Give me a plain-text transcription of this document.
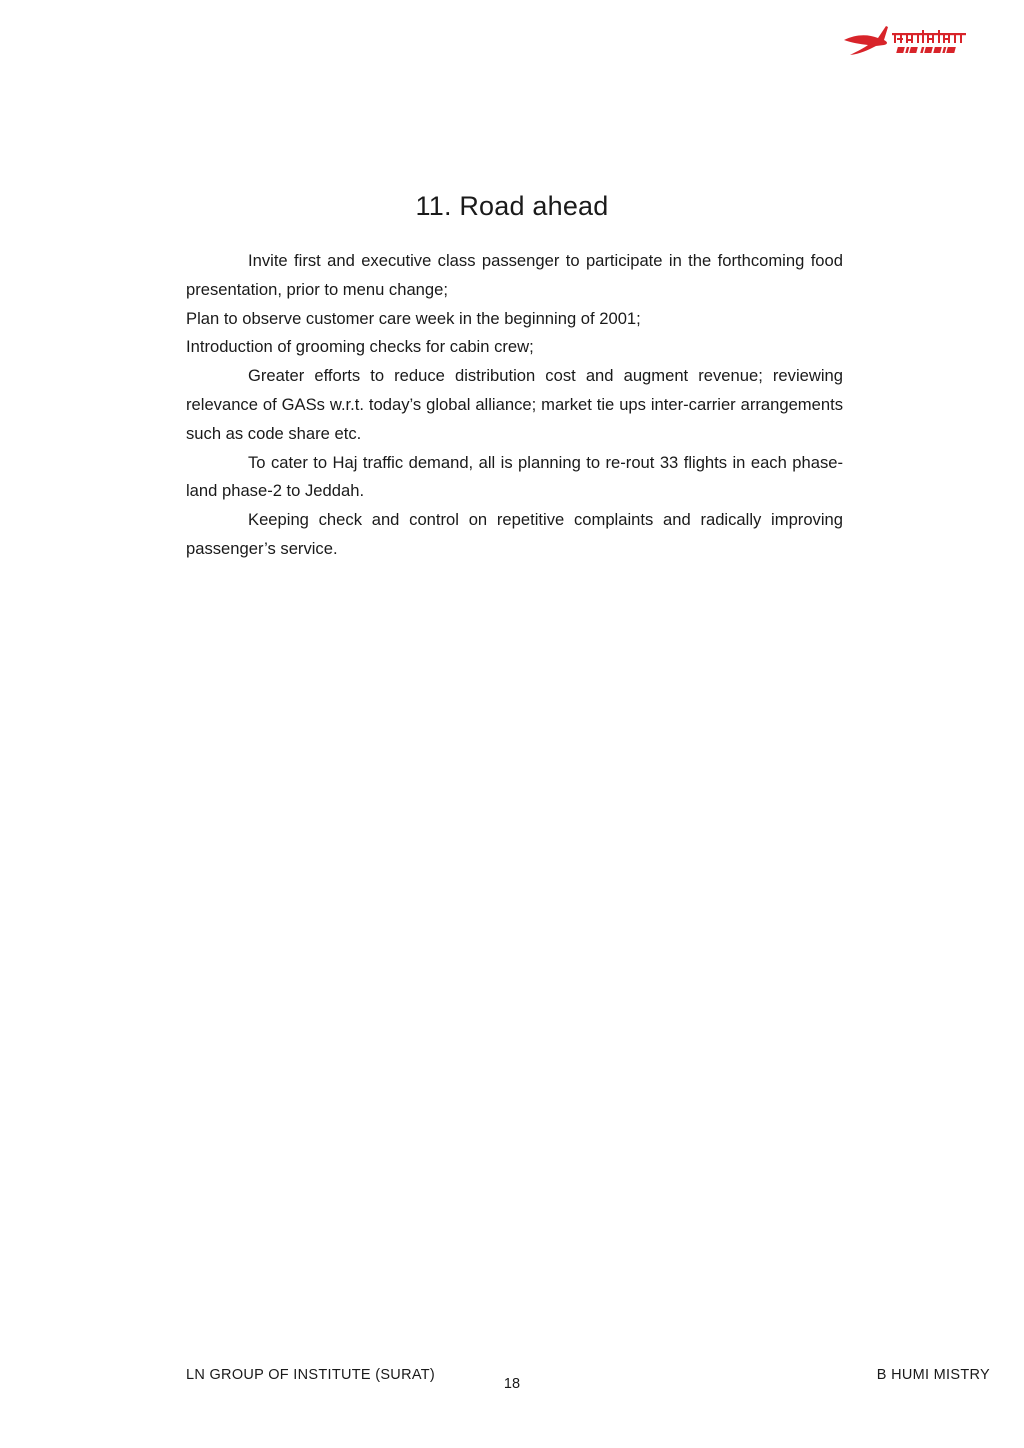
11. Road ahead

Invite first and executive class passenger to participate in the forthcoming food presentation, prior to menu change;

Plan to observe customer care week in the beginning of 2001;

Introduction of grooming checks for cabin crew;

Greater efforts to reduce distribution cost and augment revenue; reviewing relevance of GASs w.r.t. today’s global alliance; market tie ups inter-carrier arrangements such as code share etc.

To cater to Haj traffic demand, all is planning to re-rout 33 flights in each phase-land phase-2 to Jeddah.

Keeping check and control on repetitive complaints and radically improving passenger’s service.

LN GROUP OF INSTITUTE (SURAT)
18
B HUMI MISTRY
